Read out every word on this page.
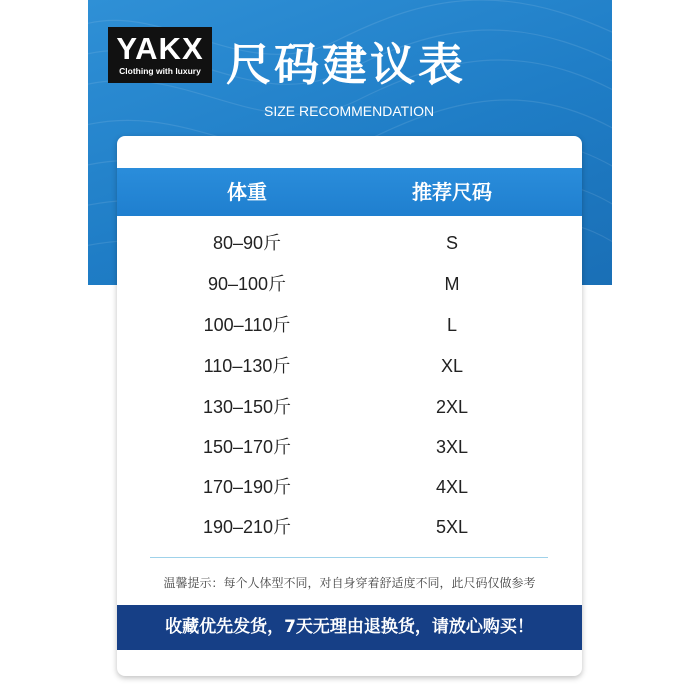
YAKX
Clothing with luxury 尺码建议表
SIZE RECOMMENDATION
体重	推荐尺码
80–90斤	S
90–100斤	M
100–110斤	L
110–130斤	XL
130–150斤	2XL
150–170斤	3XL
170–190斤	4XL
190–210斤	5XL
温馨提示：每个人体型不同，对自身穿着舒适度不同，此尺码仅做参考
收藏优先发货，7天无理由退换货，请放心购买！
